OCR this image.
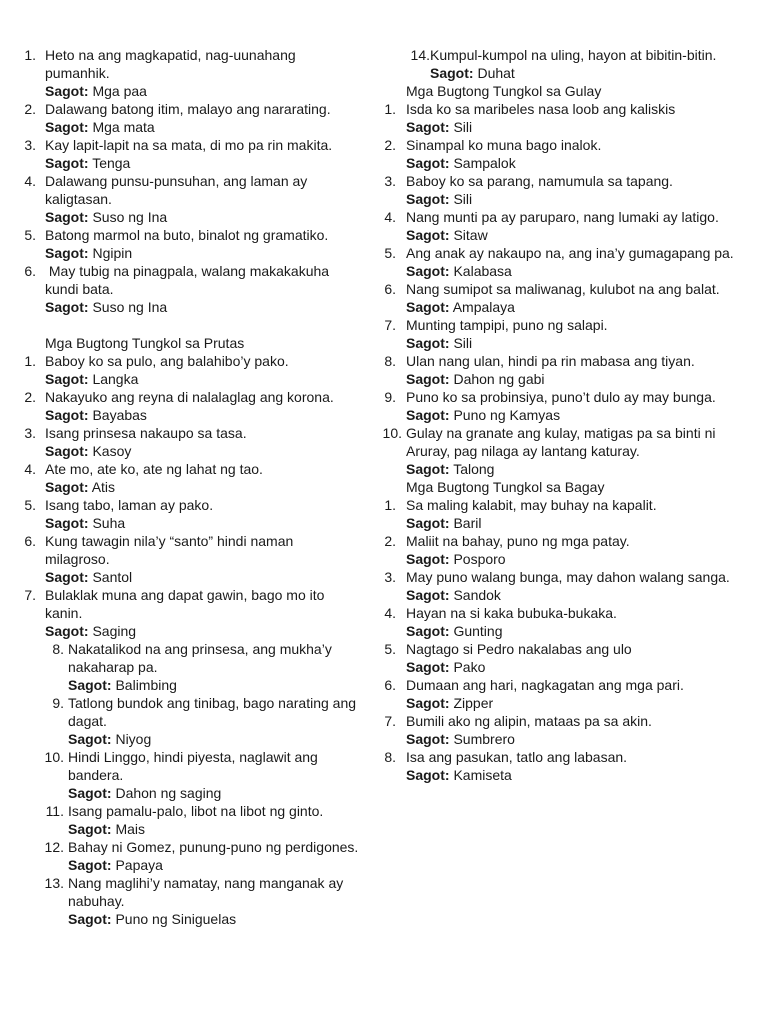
1. Heto na ang magkapatid, nag-uunahang pumanhik.
Sagot: Mga paa
2. Dalawang batong itim, malayo ang nararating.
Sagot: Mga mata
3. Kay lapit-lapit na sa mata, di mo pa rin makita.
Sagot: Tenga
4. Dalawang punsu-punsuhan, ang laman ay kaligtasan.
Sagot: Suso ng Ina
5. Batong marmol na buto, binalot ng gramatiko.
Sagot: Ngipin
6. May tubig na pinagpala, walang makakakuha kundi bata.
Sagot: Suso ng Ina
Mga Bugtong Tungkol sa Prutas
1. Baboy ko sa pulo, ang balahibo’y pako.
Sagot: Langka
2. Nakayuko ang reyna di nalalaglag ang korona.
Sagot: Bayabas
3. Isang prinsesa nakaupo sa tasa.
Sagot: Kasoy
4. Ate mo, ate ko, ate ng lahat ng tao.
Sagot: Atis
5. Isang tabo, laman ay pako.
Sagot: Suha
6. Kung tawagin nila’y “santo” hindi naman milagroso.
Sagot: Santol
7. Bulaklak muna ang dapat gawin, bago mo ito kanin.
Sagot: Saging
8. Nakatalikod na ang prinsesa, ang mukha’y nakaharap pa.
Sagot: Balimbing
9. Tatlong bundok ang tinibag, bago narating ang dagat.
Sagot: Niyog
10. Hindi Linggo, hindi piyesta, naglawit ang bandera.
Sagot: Dahon ng saging
11. Isang pamalu-palo, libot na libot ng ginto.
Sagot: Mais
12. Bahay ni Gomez, punung-puno ng perdigones.
Sagot: Papaya
13. Nang maglihi’y namatay, nang manganak ay nabuhay.
Sagot: Puno ng Siniguelas
14. Kumpul-kumpol na uling, hayon at bibitin-bitin.
Sagot: Duhat
Mga Bugtong Tungkol sa Gulay
1. Isda ko sa maribeles nasa loob ang kaliskis
Sagot: Sili
2. Sinampal ko muna bago inalok.
Sagot: Sampalok
3. Baboy ko sa parang, namumula sa tapang.
Sagot: Sili
4. Nang munti pa ay paruparo, nang lumaki ay latigo.
Sagot: Sitaw
5. Ang anak ay nakaupo na, ang ina’y gumagapang pa.
Sagot: Kalabasa
6. Nang sumipot sa maliwanag, kulubot na ang balat.
Sagot: Ampalaya
7. Munting tampipi, puno ng salapi.
Sagot: Sili
8. Ulan nang ulan, hindi pa rin mabasa ang tiyan.
Sagot: Dahon ng gabi
9. Puno ko sa probinsiya, puno’t dulo ay may bunga.
Sagot: Puno ng Kamyas
10. Gulay na granate ang kulay, matigas pa sa binti ni Aruray, pag nilaga ay lantang katuray.
Sagot: Talong
Mga Bugtong Tungkol sa Bagay
1. Sa maling kalabit, may buhay na kapalit.
Sagot: Baril
2. Maliit na bahay, puno ng mga patay.
Sagot: Posporo
3. May puno walang bunga, may dahon walang sanga.
Sagot: Sandok
4. Hayan na si kaka bubuka-bukaka.
Sagot: Gunting
5. Nagtago si Pedro nakalabas ang ulo
Sagot: Pako
6. Dumaan ang hari, nagkagatan ang mga pari.
Sagot: Zipper
7. Bumili ako ng alipin, mataas pa sa akin.
Sagot: Sumbrero
8. Isa ang pasukan, tatlo ang labasan.
Sagot: Kamiseta
